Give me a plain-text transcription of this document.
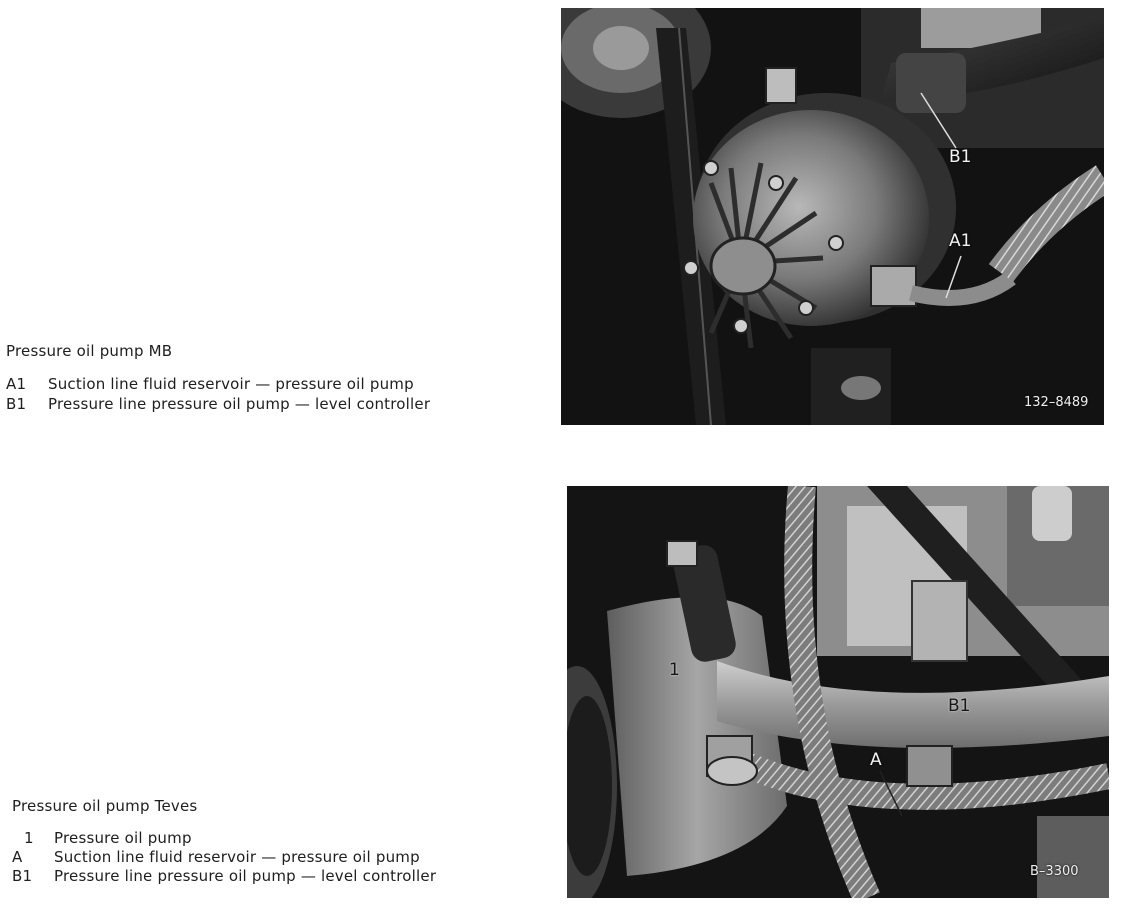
Pressure oil pump MB
A1	Suction line fluid reservoir — pressure oil pump
B1	Pressure line pressure oil pump — level controller
B1
A1
132–8489
Pressure oil pump Teves
1	Pressure oil pump
A	Suction line fluid reservoir — pressure oil pump
B1	Pressure line pressure oil pump — level controller
1
B1
A
B–3300
